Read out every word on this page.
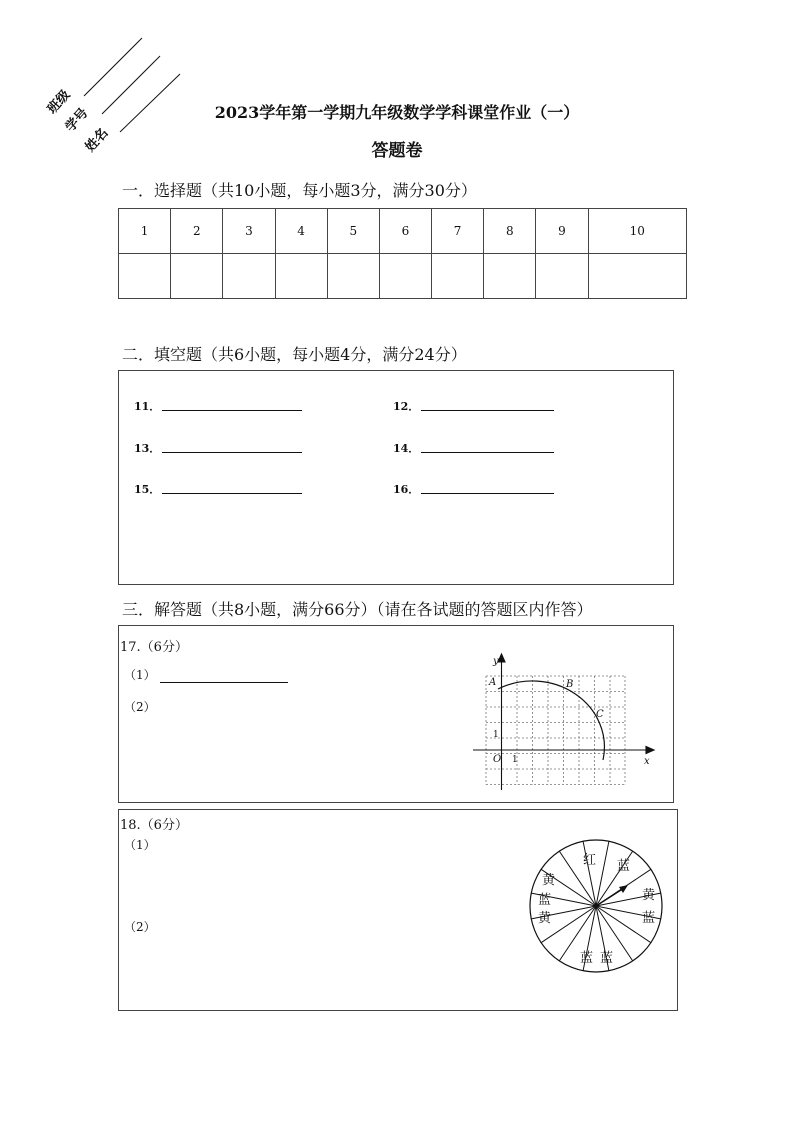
班级
学号
姓名
2023学年第一学期九年级数学学科课堂作业（一）
答题卷
一．选择题（共10小题，每小题3分，满分30分）
1	2	3	4	5	6	7	8	9	10

二．填空题（共6小题，每小题4分，满分24分）
11．	12．
13．	14．
15．	16．
三．解答题（共8小题，满分66分）（请在各试题的答题区内作答）
17.（6分）
（1）
（2）
y
x
A	B
C
O 1
1
18.（6分）
（1）
（2）
红 蓝
黄
蓝
黄
蓝
黄
蓝 蓝
